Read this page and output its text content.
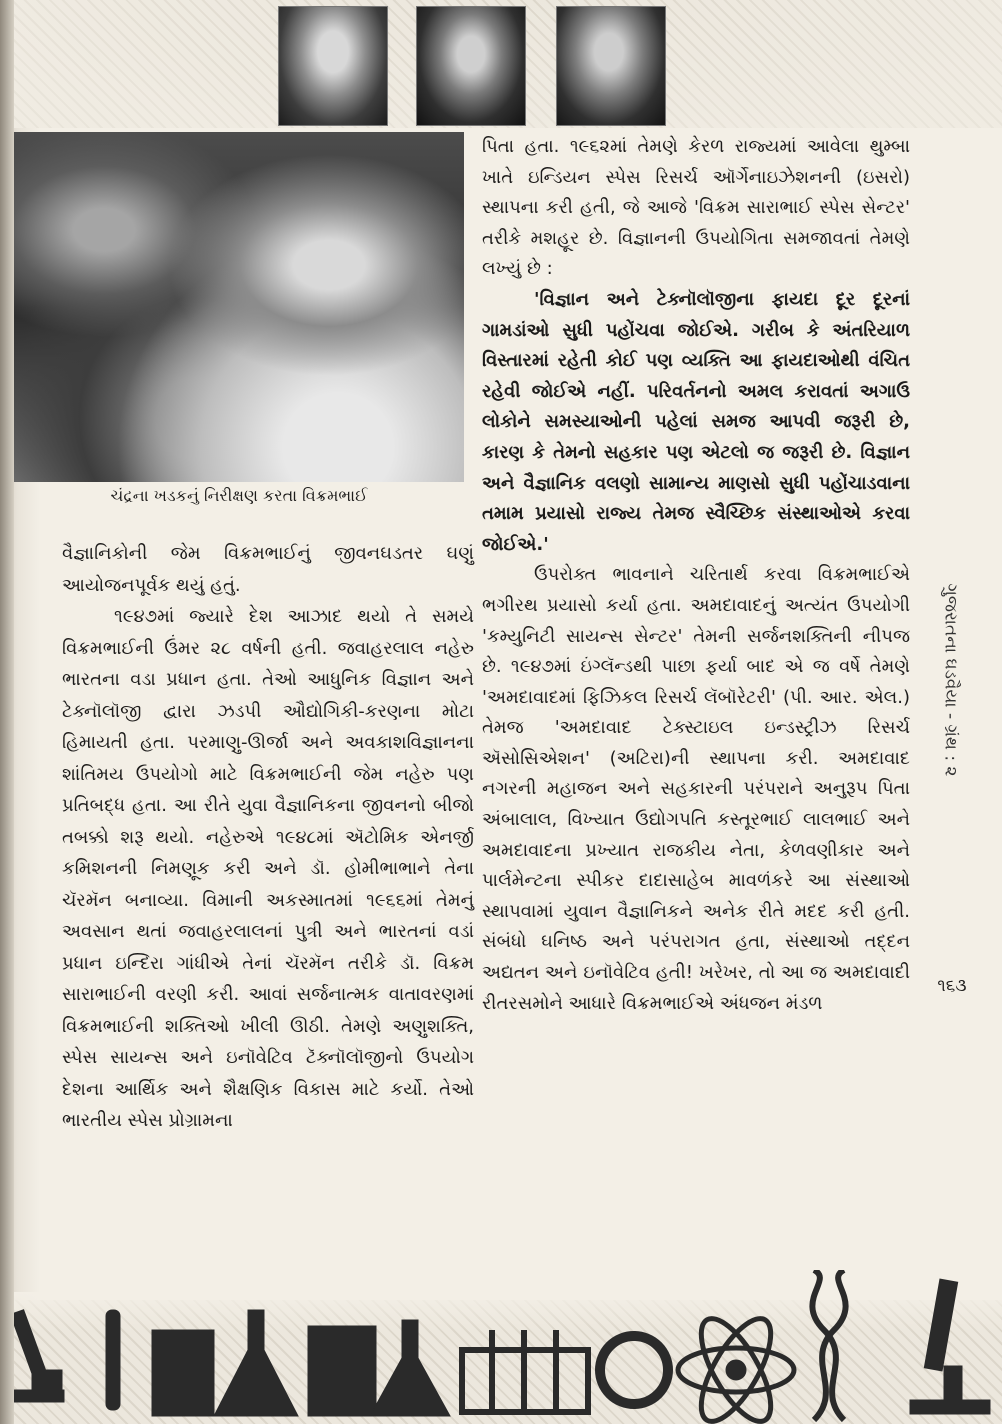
ચંદ્રના ખડકનું નિરીક્ષણ કરતા વિક્રમભાઈ

વૈજ્ઞાનિકોની જેમ વિક્રમભાઈનું જીવનઘડતર ઘણું આયોજનપૂર્વક થયું હતું.

૧૯૪૭માં જ્યારે દેશ આઝાદ થયો તે સમયે વિક્રમભાઈની ઉંમર ૨૮ વર્ષની હતી. જવાહરલાલ નહેરુ ભારતના વડા પ્રધાન હતા. તેઓ આધુનિક વિજ્ઞાન અને ટેક્નૉલૉજી દ્વારા ઝડપી ઔદ્યોગિકી-કરણના મોટા હિમાયતી હતા. પરમાણુ-ઊર્જા અને અવકાશવિજ્ઞાનના શાંતિમય ઉપયોગો માટે વિક્રમભાઈની જેમ નહેરુ પણ પ્રતિબદ્ધ હતા. આ રીતે યુવા વૈજ્ઞાનિકના જીવનનો બીજો તબક્કો શરૂ થયો. નહેરુએ ૧૯૪૮માં ઍટોમિક એનર્જી કમિશનની નિમણૂક કરી અને ડૉ. હોમીભાભાને તેના ચૅરમૅન બનાવ્યા. વિમાની અકસ્માતમાં ૧૯૬૬માં તેમનું અવસાન થતાં જવાહરલાલનાં પુત્રી અને ભારતનાં વડાં પ્રધાન ઇન્દિરા ગાંધીએ તેનાં ચૅરમૅન તરીકે ડૉ. વિક્રમ સારાભાઈની વરણી કરી. આવાં સર્જનાત્મક વાતાવરણમાં વિક્રમભાઈની શક્તિઓ ખીલી ઊઠી. તેમણે અણુશક્તિ, સ્પેસ સાયન્સ અને ઇનૉવેટિવ ટૅક્નૉલૉજીનો ઉપયોગ દેશના આર્થિક અને શૈક્ષણિક વિકાસ માટે કર્યો. તેઓ ભારતીય સ્પેસ પ્રોગ્રામના

પિતા હતા. ૧૯૬૨માં તેમણે કેરળ રાજ્યમાં આવેલા થુમ્બા ખાતે ઇન્ડિયન સ્પેસ રિસર્ચ ઑર્ગેનાઇઝેશનની (ઇસરો) સ્થાપના કરી હતી, જે આજે 'વિક્રમ સારાભાઈ સ્પેસ સેન્ટર' તરીકે મશહૂર છે. વિજ્ઞાનની ઉપયોગિતા સમજાવતાં તેમણે લખ્યું છે :

'વિજ્ઞાન અને ટેક્નૉલૉજીના ફાયદા દૂર દૂરનાં ગામડાંઓ સુધી પહોંચવા જોઈએ. ગરીબ કે અંતરિયાળ વિસ્તારમાં રહેતી કોઈ પણ વ્યક્તિ આ ફાયદાઓથી વંચિત રહેવી જોઈએ નહીં. પરિવર્તનનો અમલ કરાવતાં અગાઉ લોકોને સમસ્યાઓની પહેલાં સમજ આપવી જરૂરી છે, કારણ કે તેમનો સહકાર પણ એટલો જ જરૂરી છે. વિજ્ઞાન અને વૈજ્ઞાનિક વલણો સામાન્ય માણસો સુધી પહોંચાડવાના તમામ પ્રયાસો રાજ્ય તેમજ સ્વૈચ્છિક સંસ્થાઓએ કરવા જોઈએ.'

ઉપરોક્ત ભાવનાને ચરિતાર્થ કરવા વિક્રમભાઈએ ભગીરથ પ્રયાસો કર્યા હતા. અમદાવાદનું અત્યંત ઉપયોગી 'કમ્યુનિટી સાયન્સ સેન્ટર' તેમની સર્જનશક્તિની નીપજ છે. ૧૯૪૭માં ઇંગ્લૅન્ડથી પાછા ફર્યા બાદ એ જ વર્ષે તેમણે 'અમદાવાદમાં ફિઝિકલ રિસર્ચ લૅબૉરેટરી' (પી. આર. એલ.) તેમજ 'અમદાવાદ ટેક્સ્ટાઇલ ઇન્ડસ્ટ્રીઝ રિસર્ચ ઍસોસિએશન' (અટિરા)ની સ્થાપના કરી. અમદાવાદ નગરની મહાજન અને સહકારની પરંપરાને અનુરૂપ પિતા અંબાલાલ, વિખ્યાત ઉદ્યોગપતિ કસ્તૂરભાઈ લાલભાઈ અને અમદાવાદના પ્રખ્યાત રાજકીય નેતા, કેળવણીકાર અને પાર્લમેન્ટના સ્પીકર દાદાસાહેબ માવળંકરે આ સંસ્થાઓ સ્થાપવામાં યુવાન વૈજ્ઞાનિકને અનેક રીતે મદદ કરી હતી. સંબંધો ઘનિષ્ઠ અને પરંપરાગત હતા, સંસ્થાઓ તદ્દન અદ્યતન અને ઇનૉવેટિવ હતી! ખરેખર, તો આ જ અમદાવાદી રીતરસમોને આધારે વિક્રમભાઈએ અંધજન મંડળ

ગુજરાતના ઘડવૈયા - ગ્રંથ : ૨
૧૬૩
